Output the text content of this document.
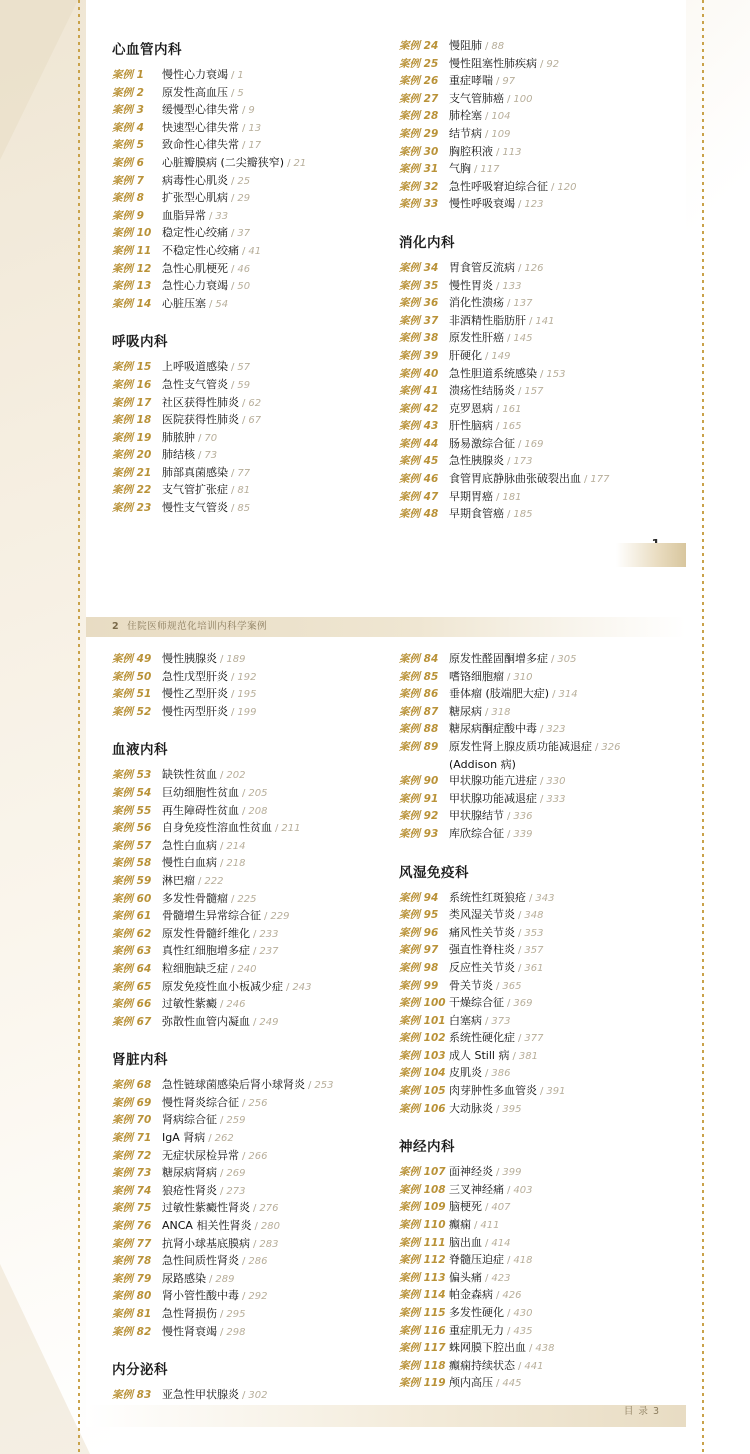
心血管内科
案例 1	慢性心力衰竭 / 1
案例 2	原发性高血压 / 5
案例 3	缓慢型心律失常 / 9
案例 4	快速型心律失常 / 13
案例 5	致命性心律失常 / 17
案例 6	心脏瓣膜病 (二尖瓣狭窄) / 21
案例 7	病毒性心肌炎 / 25
案例 8	扩张型心肌病 / 29
案例 9	血脂异常 / 33
案例 10 稳定性心绞痛 / 37
案例 11 不稳定性心绞痛 / 41
案例 12 急性心肌梗死 / 46
案例 13 急性心力衰竭 / 50
案例 14 心脏压塞 / 54
呼吸内科
案例 15 上呼吸道感染 / 57
案例 16 急性支气管炎 / 59
案例 17 社区获得性肺炎 / 62
案例 18 医院获得性肺炎 / 67
案例 19 肺脓肿 / 70
案例 20 肺结核 / 73
案例 21 肺部真菌感染 / 77
案例 22 支气管扩张症 / 81
案例 23 慢性支气管炎 / 85
案例 24 慢阻肺 / 88
案例 25 慢性阻塞性肺疾病 / 92
案例 26 重症哮喘 / 97
案例 27 支气管肺癌 / 100
案例 28 肺栓塞 / 104
案例 29 结节病 / 109
案例 30 胸腔积液 / 113
案例 31 气胸 / 117
案例 32 急性呼吸窘迫综合征 / 120
案例 33 慢性呼吸衰竭 / 123
消化内科
案例 34 胃食管反流病 / 126
案例 35 慢性胃炎 / 133
案例 36 消化性溃疡 / 137
案例 37 非酒精性脂肪肝 / 141
案例 38 原发性肝癌 / 145
案例 39 肝硬化 / 149
案例 40 急性胆道系统感染 / 153
案例 41 溃疡性结肠炎 / 157
案例 42 克罗恩病 / 161
案例 43 肝性脑病 / 165
案例 44 肠易激综合征 / 169
案例 45 急性胰腺炎 / 173
案例 46 食管胃底静脉曲张破裂出血 / 177
案例 47 早期胃癌 / 181
案例 48 早期食管癌 / 185
2 住院医师规范化培训内科学案例
案例 49 慢性胰腺炎 / 189
案例 50 急性戊型肝炎 / 192
案例 51 慢性乙型肝炎 / 195
案例 52 慢性丙型肝炎 / 199
血液内科
案例 53 缺铁性贫血 / 202
案例 54 巨幼细胞性贫血 / 205
案例 55 再生障碍性贫血 / 208
案例 56 自身免疫性溶血性贫血 / 211
案例 57 急性白血病 / 214
案例 58 慢性白血病 / 218
案例 59 淋巴瘤 / 222
案例 60 多发性骨髓瘤 / 225
案例 61 骨髓增生异常综合征 / 229
案例 62 原发性骨髓纤维化 / 233
案例 63 真性红细胞增多症 / 237
案例 64 粒细胞缺乏症 / 240
案例 65 原发免疫性血小板减少症 / 243
案例 66 过敏性紫癜 / 246
案例 67 弥散性血管内凝血 / 249
肾脏内科
案例 68 急性链球菌感染后肾小球肾炎 / 253
案例 69 慢性肾炎综合征 / 256
案例 70 肾病综合征 / 259
案例 71 IgA 肾病 / 262
案例 72 无症状尿检异常 / 266
案例 73 糖尿病肾病 / 269
案例 74 狼疮性肾炎 / 273
案例 75 过敏性紫癜性肾炎 / 276
案例 76 ANCA 相关性肾炎 / 280
案例 77 抗肾小球基底膜病 / 283
案例 78 急性间质性肾炎 / 286
案例 79 尿路感染 / 289
案例 80 肾小管性酸中毒 / 292
案例 81 急性肾损伤 / 295
案例 82 慢性肾衰竭 / 298
内分泌科
案例 83 亚急性甲状腺炎 / 302
案例 84 原发性醛固酮增多症 / 305
案例 85 嗜铬细胞瘤 / 310
案例 86 垂体瘤 (肢端肥大症) / 314
案例 87 糖尿病 / 318
案例 88 糖尿病酮症酸中毒 / 323
案例 89 原发性肾上腺皮质功能减退症 / 326
(Addison 病)
案例 90 甲状腺功能亢进症 / 330
案例 91 甲状腺功能减退症 / 333
案例 92 甲状腺结节 / 336
案例 93 库欣综合征 / 339
风湿免疫科
案例 94 系统性红斑狼疮 / 343
案例 95 类风湿关节炎 / 348
案例 96 痛风性关节炎 / 353
案例 97 强直性脊柱炎 / 357
案例 98 反应性关节炎 / 361
案例 99 骨关节炎 / 365
案例 100 干燥综合征 / 369
案例 101 白塞病 / 373
案例 102 系统性硬化症 / 377
案例 103 成人 Still 病 / 381
案例 104 皮肌炎 / 386
案例 105 肉芽肿性多血管炎 / 391
案例 106 大动脉炎 / 395
神经内科
案例 107 面神经炎 / 399
案例 108 三叉神经痛 / 403
案例 109 脑梗死 / 407
案例 110 癫痫 / 411
案例 111 脑出血 / 414
案例 112 脊髓压迫症 / 418
案例 113 偏头痛 / 423
案例 114 帕金森病 / 426
案例 115 多发性硬化 / 430
案例 116 重症肌无力 / 435
案例 117 蛛网膜下腔出血 / 438
案例 118 癫痫持续状态 / 441
案例 119 颅内高压 / 445
目 录 3
